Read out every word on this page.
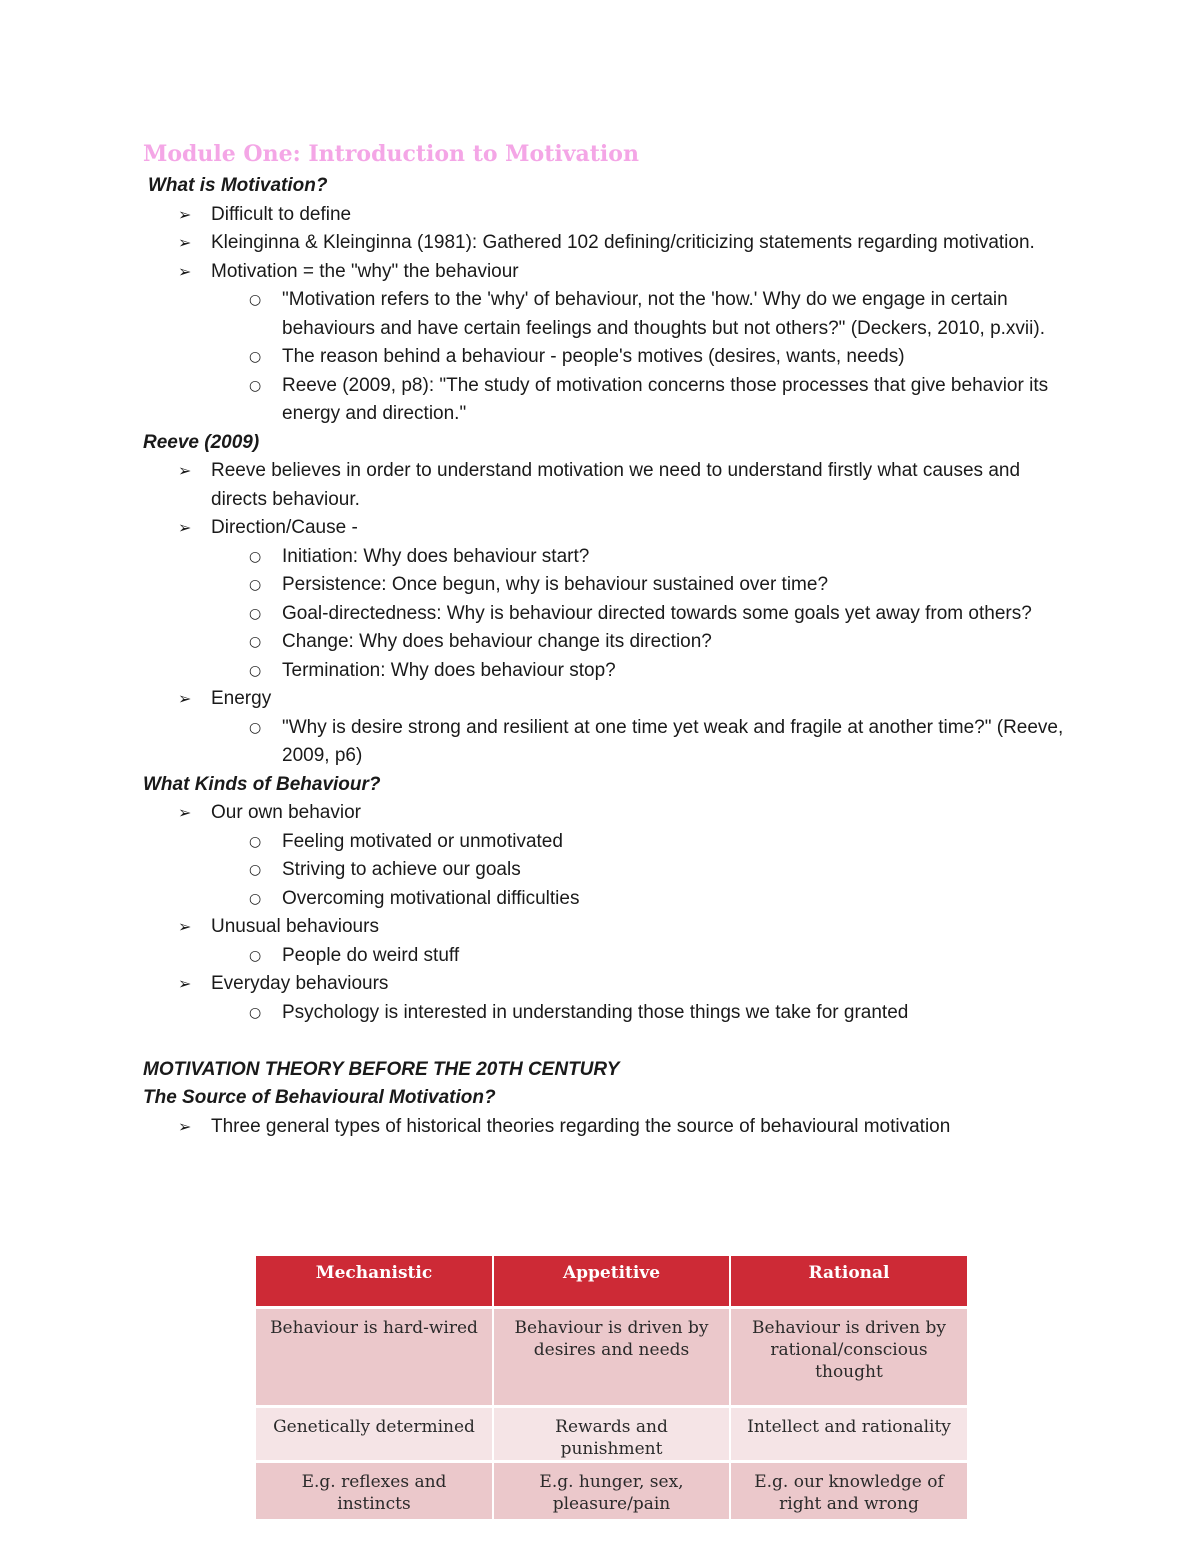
Module One: Introduction to Motivation

What is Motivation?

➢ Difficult to define
➢ Kleinginna & Kleinginna (1981): Gathered 102 defining/criticizing statements regarding motivation.
➢ Motivation = the "why" the behaviour
○ "Motivation refers to the 'why' of behaviour, not the 'how.' Why do we engage in certain behaviours and have certain feelings and thoughts but not others?" (Deckers, 2010, p.xvii).
○ The reason behind a behaviour - people's motives (desires, wants, needs)
○ Reeve (2009, p8): "The study of motivation concerns those processes that give behavior its energy and direction."

Reeve (2009)

➢ Reeve believes in order to understand motivation we need to understand firstly what causes and directs behaviour.
➢ Direction/Cause -
○ Initiation: Why does behaviour start?
○ Persistence: Once begun, why is behaviour sustained over time?
○ Goal-directedness: Why is behaviour directed towards some goals yet away from others?
○ Change: Why does behaviour change its direction?
○ Termination: Why does behaviour stop?
➢ Energy
○ "Why is desire strong and resilient at one time yet weak and fragile at another time?" (Reeve, 2009, p6)

What Kinds of Behaviour?

➢ Our own behavior
○ Feeling motivated or unmotivated
○ Striving to achieve our goals
○ Overcoming motivational difficulties
➢ Unusual behaviours
○ People do weird stuff
➢ Everyday behaviours
○ Psychology is interested in understanding those things we take for granted

MOTIVATION THEORY BEFORE THE 20TH CENTURY

The Source of Behavioural Motivation?

➢ Three general types of historical theories regarding the source of behavioural motivation
Mechanistic	Appetitive	Rational
Behaviour is hard-wired	Behaviour is driven by desires and needs	Behaviour is driven by rational/conscious thought
Genetically determined	Rewards and punishment	Intellect and rationality
E.g. reflexes and instincts	E.g. hunger, sex, pleasure/pain	E.g. our knowledge of right and wrong
